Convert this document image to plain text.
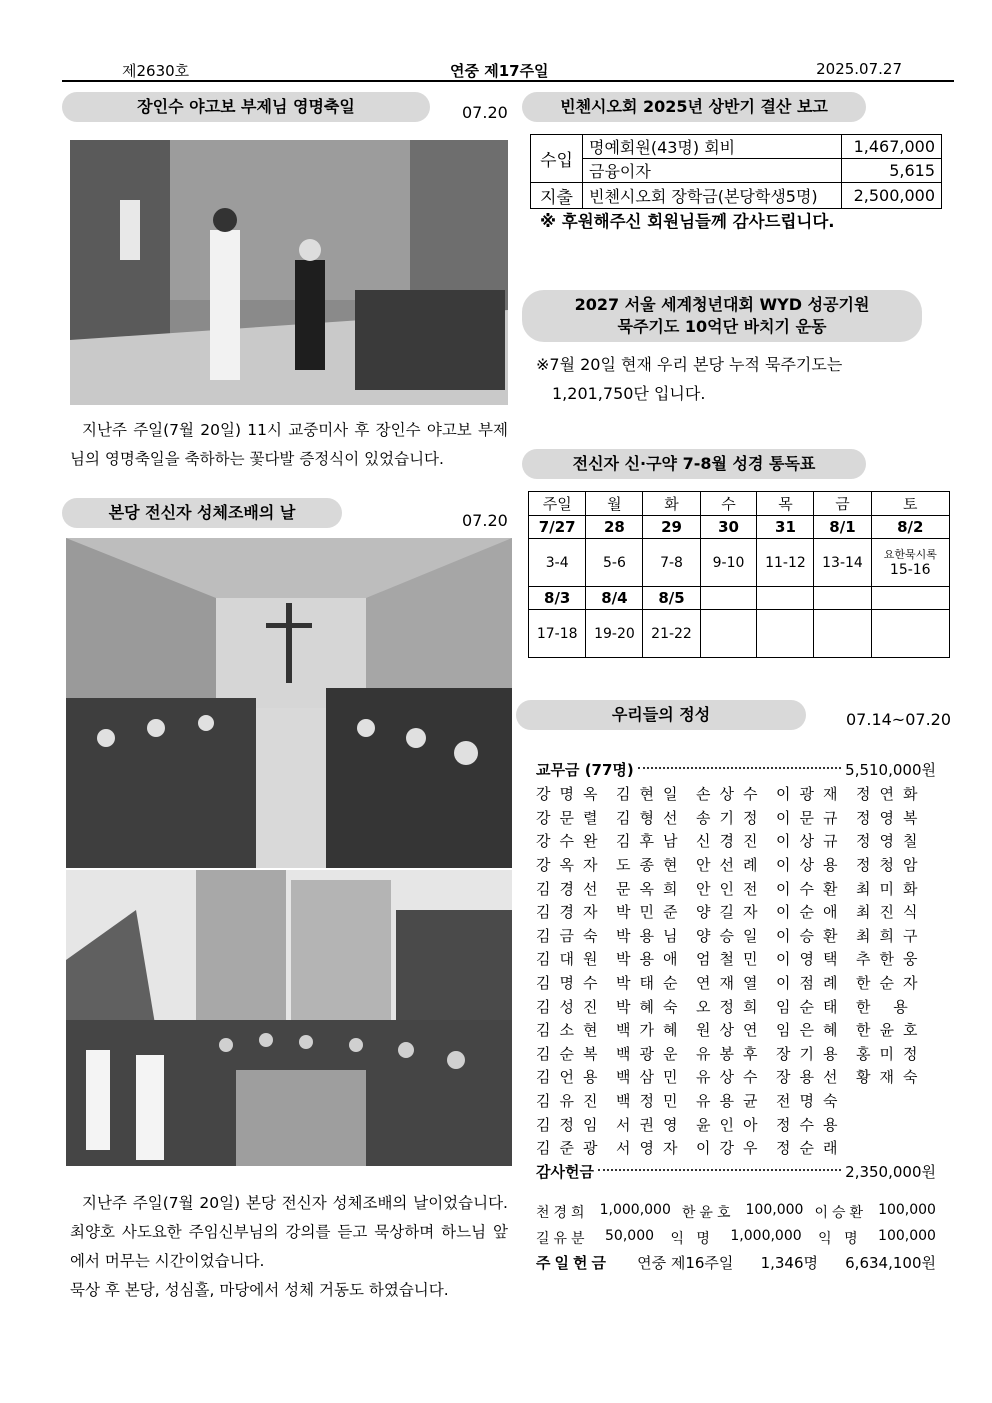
제2630호	연중 제17주일	2025.07.27
장인수 야고보 부제님 영명축일	07.20

지난주 주일(7월 20일) 11시 교중미사 후 장인수 야고보 부제님의 영명축일을 축하하는 꽃다발 증정식이 있었습니다.

본당 전신자 성체조배의 날	07.20

지난주 주일(7월 20일) 본당 전신자 성체조배의 날이었습니다. 최양호 사도요한 주임신부님의 강의를 듣고 묵상하며 하느님 앞에서 머무는 시간이었습니다.

묵상 후 본당, 성심홀, 마당에서 성체 거동도 하였습니다.
빈첸시오회 2025년 상반기 결산 보고
수입	명예회원(43명) 회비	1,467,000
	금융이자	5,615
지출	빈첸시오회 장학금(본당학생5명)	2,500,000
※ 후원해주신 회원님들께 감사드립니다.
2027 서울 세계청년대회 WYD 성공기원
묵주기도 10억단 바치기 운동
※7월 20일 현재 우리 본당 누적 묵주기도는
1,201,750단 입니다.
전신자 신·구약 7-8월 성경 통독표
주일	월	화	수	목	금	토
7/27	28	29	30	31	8/1	8/2
3-4	5-6	7-8	9-10	11-12	13-14	요한묵시록
15-16

8/3	8/4	8/5				
17-18	19-20	21-22				
우리들의 정성	07.14~07.20
교무금 (77명)	5,510,000원
강명옥 김현일 손상수 이광재 정연화
강문렬 김형선 송기정 이문규 정영복
강수완 김후남 신경진 이상규 정영칠
강옥자 도종현 안선례 이상용 정청암
김경선 문옥희 안인전 이수환 최미화
김경자 박민준 양길자 이순애 최진식
김금숙 박용님 양승일 이승환 최희구
김대원 박용애 엄철민 이영택 추한웅
김명수 박태순 연재열 이점례 한순자
김성진 박혜숙 오정희 임순태 한 용
김소현 백가혜 원상연 임은혜 한윤호
김순복 백광운 유봉후 장기용 홍미정
김언용 백삼민 유상수 장용선 황재숙
김유진 백정민 유용균 전명숙
김정임 서권영 윤인아 정수용
김준광 서영자 이강우 정순래
감사헌금	2,350,000원
천경희 1,000,000 한윤호 100,000 이승환 100,000
길유분 50,000 익 명 1,000,000 익 명 100,000
주일헌금 연중 제16주일 1,346명 6,634,100원
